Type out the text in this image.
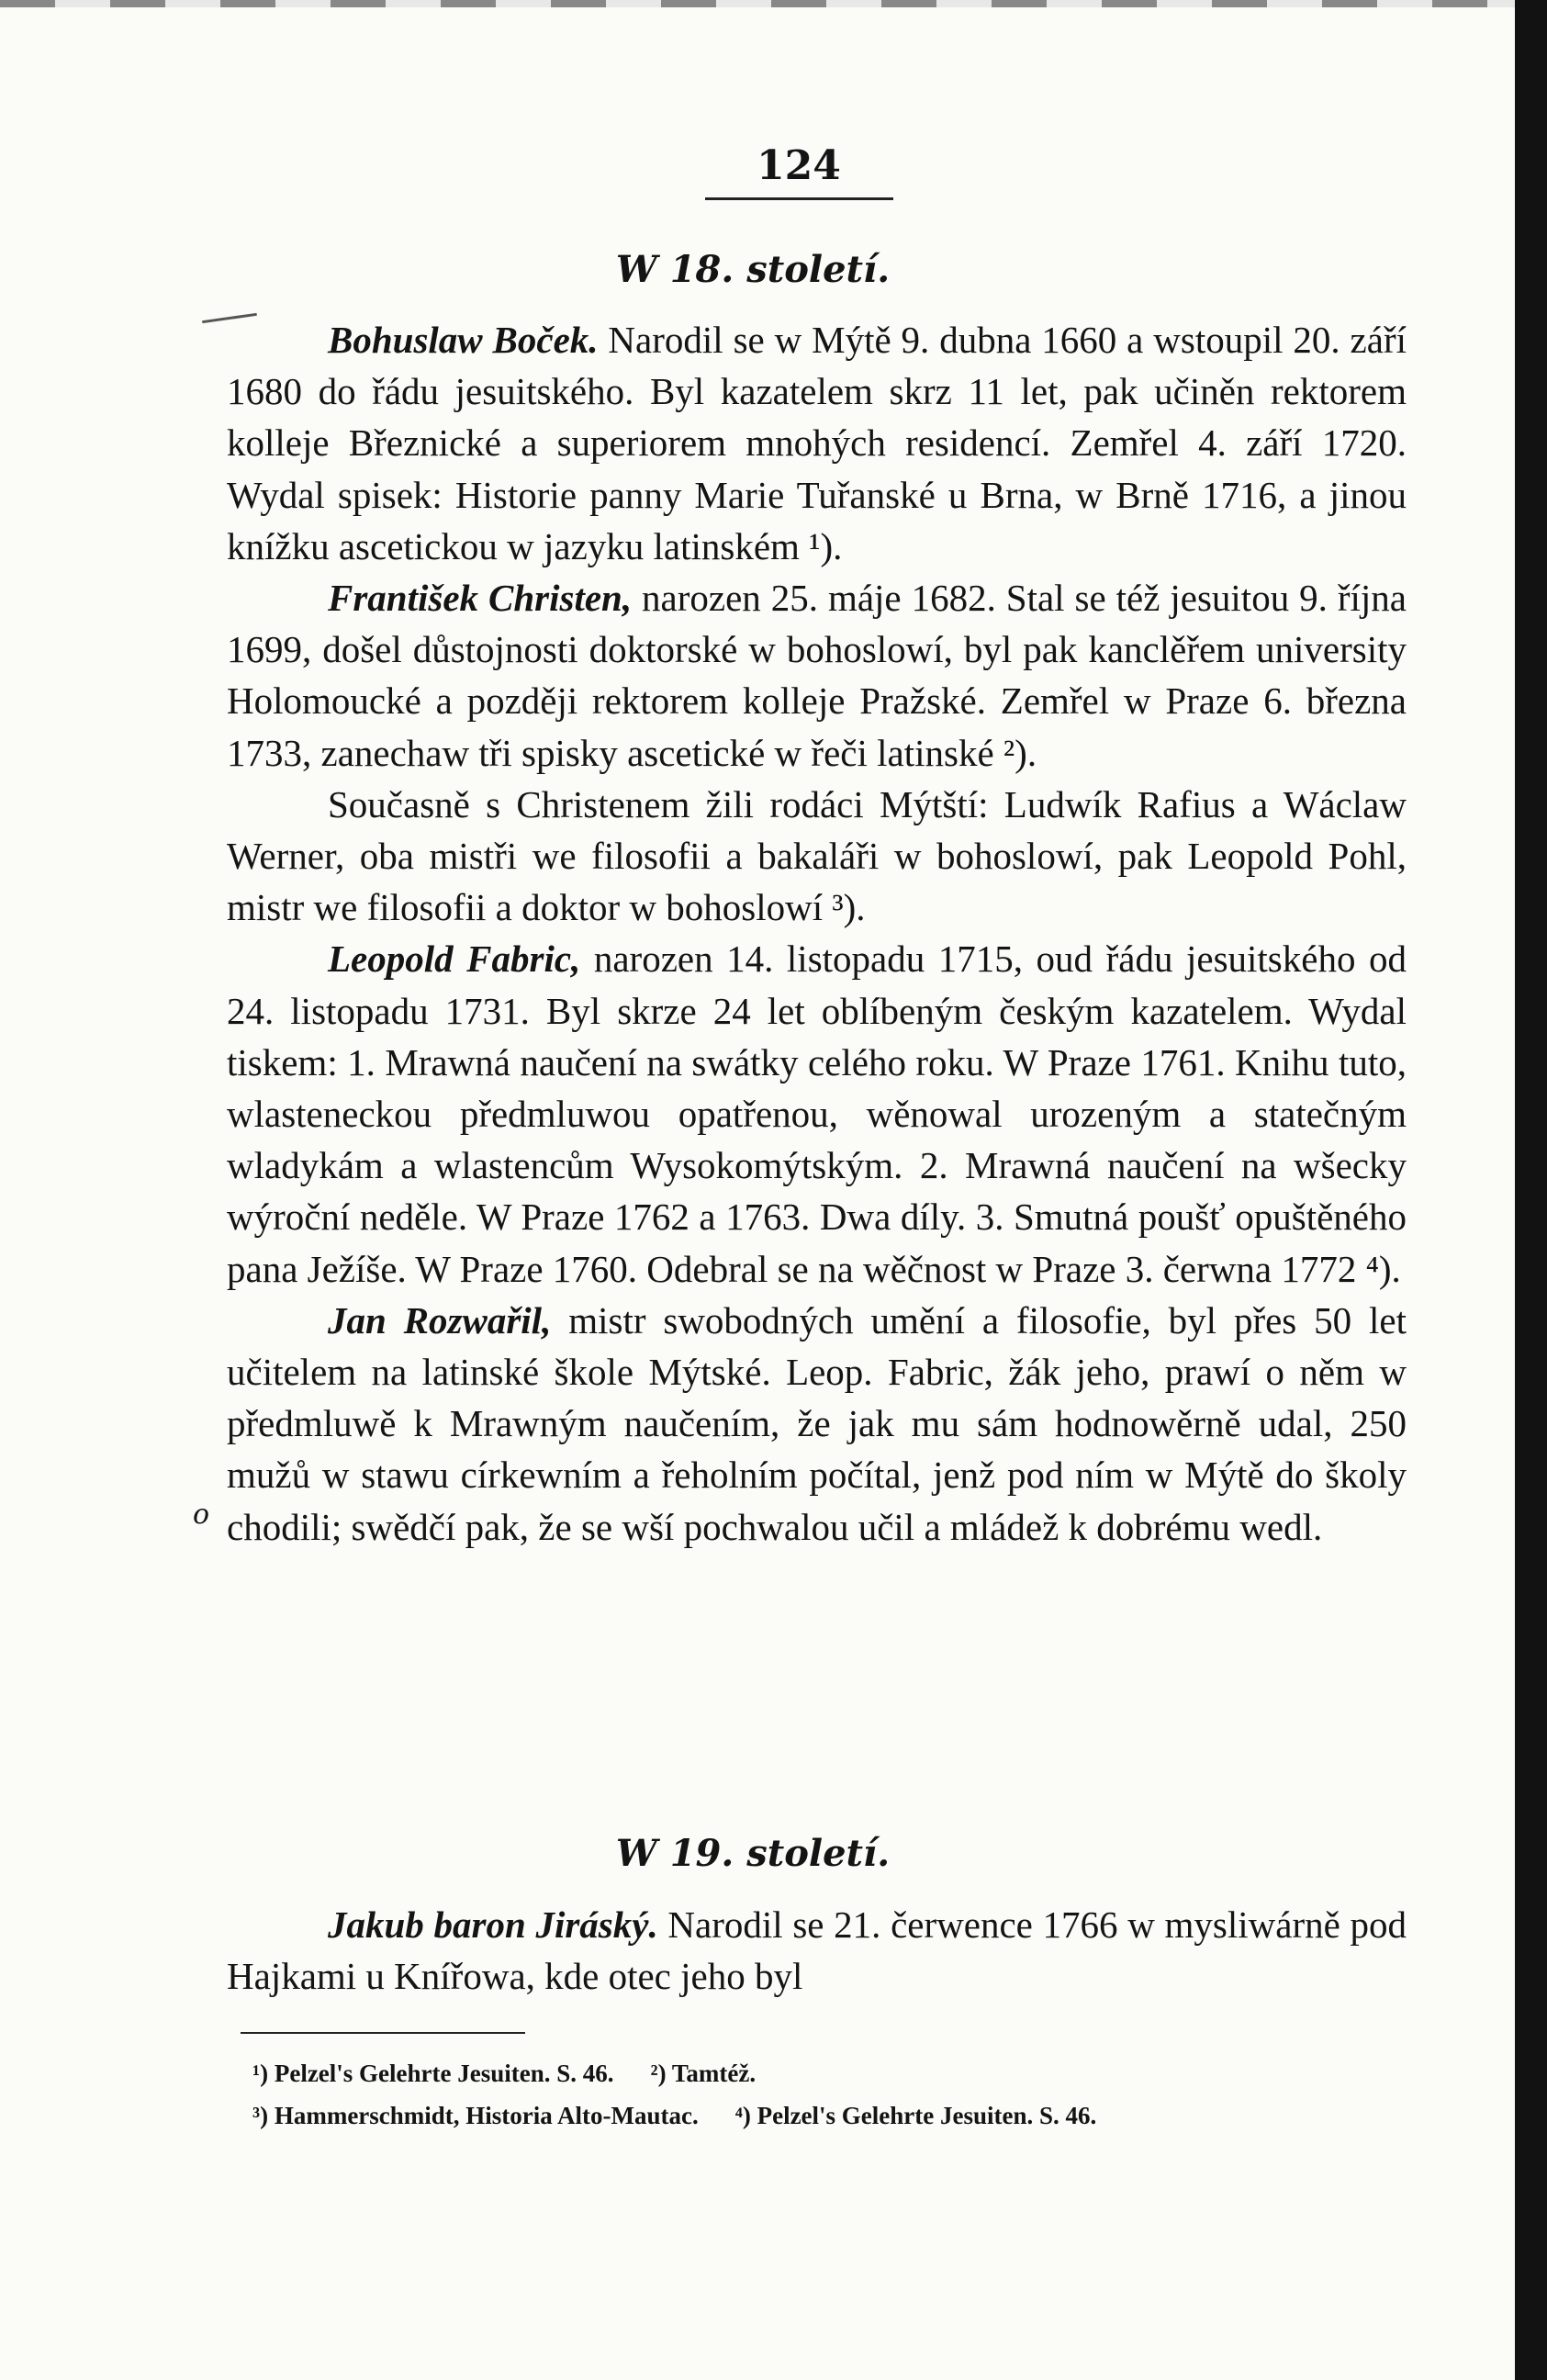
124
W 18. století.

Bohuslaw Boček. Narodil se w Mýtě 9. dubna 1660 a wstoupil 20. září 1680 do řádu jesuitského. Byl kazatelem skrz 11 let, pak učiněn rektorem kolleje Březnické a superiorem mnohých residencí. Zemřel 4. září 1720. Wydal spisek: Historie panny Marie Tuřanské u Brna, w Brně 1716, a jinou knížku ascetickou w jazyku latinském ¹).

František Christen, narozen 25. máje 1682. Stal se též jesuitou 9. října 1699, došel důstojnosti doktorské w bohoslowí, byl pak kanclěřem university Holomoucké a později rektorem kolleje Pražské. Zemřel w Praze 6. března 1733, zanechaw tři spisky ascetické w řeči latinské ²).

Současně s Christenem žili rodáci Mýtští: Ludwík Rafius a Wáclaw Werner, oba mistři we filosofii a bakaláři w bohoslowí, pak Leopold Pohl, mistr we filosofii a doktor w bohoslowí ³).

Leopold Fabric, narozen 14. listopadu 1715, oud řádu jesuitského od 24. listopadu 1731. Byl skrze 24 let oblíbeným českým kazatelem. Wydal tiskem: 1. Mrawná naučení na swátky celého roku. W Praze 1761. Knihu tuto, wlasteneckou předmluwou opatřenou, wěnowal urozeným a statečným wladykám a wlastencům Wysokomýtským. 2. Mrawná naučení na wšecky wýroční neděle. W Praze 1762 a 1763. Dwa díly. 3. Smutná poušť opuštěného pana Ježíše. W Praze 1760. Odebral se na wěčnost w Praze 3. čerwna 1772 ⁴).

Jan Rozwařil, mistr swobodných umění a filosofie, byl přes 50 let učitelem na latinské škole Mýtské. Leop. Fabric, žák jeho, prawí o něm w předmluwě k Mrawným naučením, že jak mu sám hodnowěrně udal, 250 mužů w stawu církewním a řeholním počítal, jenž pod ním w Mýtě do školy chodili; swědčí pak, že se wší pochwalou učil a mládež k dobrému wedl.

o
W 19. století.

Jakub baron Jiráský. Narodil se 21. čerwence 1766 w mysliwárně pod Hajkami u Knířowa, kde otec jeho byl

¹) Pelzel's Gelehrte Jesuiten. S. 46. ²) Tamtéž.
³) Hammerschmidt, Historia Alto-Mautac. ⁴) Pelzel's Gelehrte Jesuiten. S. 46.
